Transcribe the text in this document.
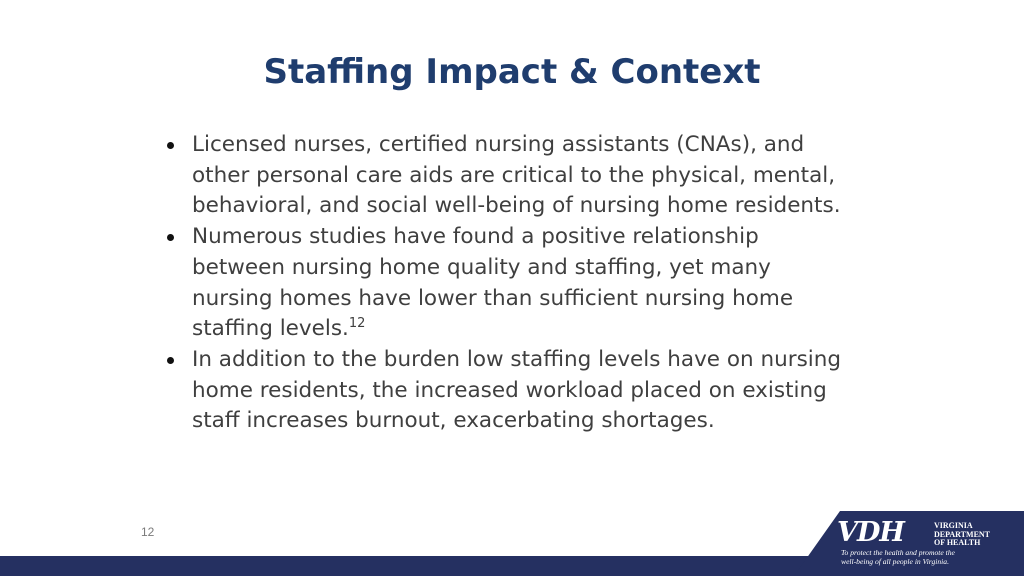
Staffing Impact & Context
Licensed nurses, certified nursing assistants (CNAs), and other personal care aids are critical to the physical, mental, behavioral, and social well-being of nursing home residents.
Numerous studies have found a positive relationship between nursing home quality and staffing, yet many nursing homes have lower than sufficient nursing home staffing levels.$^{12}$
In addition to the burden low staffing levels have on nursing home residents, the increased workload placed on existing staff increases burnout, exacerbating shortages.
12	VDH	VIRGINIA
DEPARTMENT
OF HEALTH
To protect the health and promote the
well-being of all people in Virginia.
